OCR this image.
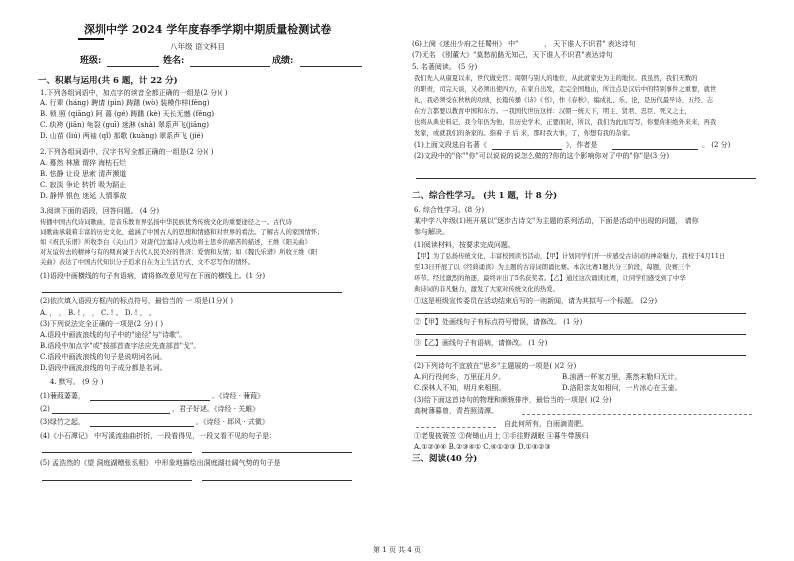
深圳中学 2024 学年度春季学期中期质量检测试卷
八年级 语文科目
班级:	姓名:	成绩:
一、积累与运用(共 6 题，计 22 分)
1.下列各组词语中，加点字的读音全都正确的一组是(2 分)( )
A. 行辈 (háng) 聘请 (pìn) 踌躇 (wò) 装模作样(fěng)
B. 锁 照 (qiāng) 阿 蔼 (gé) 踌躇 (kè) 天长无憾 (fěng)
C. 纨袴 (jiān) 龟裂 (guī) 迷淋 (shà) 翠系声飞(jiāng)
D. 山苗 (liú) 两袖 (qǐ) 那歌 (kuàng) 翠系声飞 (jié)
2.下列各组词语中，汉字书写全都正确的一组是(2 分)( )
A. 蓦然 林黛 谓猝 海枯石烂
B. 怯静 让设 思索 清声濒道
C. 寂淡 争论 转折 吸为蹈止
D. 静悍 银色 迷延 人情事故
3.阅读下面的语段，回答问题。 (4 分)
传播中国古代诗词歌曲，是音乐教育界弘扬中华民族优秀传统文化的重要途径之一。古代诗
词歌曲承载着丰富的历史文化，蕴涵了中国古人的思想和情感和对世界的看法。了解古人的家国情怀；
如《祝氏乐谱》所收李白《关山月》对唐代边塞诗人戍边将士思乡的痛苦的描述，王维《阳关曲》
对友谊传去的精神与有的期真诚于古代人民美好的普济：爱情和友情；如《魏氏乐谱》所收王维《阳
关曲》表达了中国古代知识分子追求自在为主生活方式、文不忍写作的情怀。
(1)语段中画横线的句子有语病，请将修改意见写在下面的横线上。(1 分)
(2)依次填入语段方框内的标点符号，最恰当的 一 项是(1分)( )
A. ， ， B. ! ， ， C. ! 。 D. ! ， 。
(3)下列说法完全正确的一项是(2 分) ( )
A.语段中画波浪线的句子中的"途径"与"诗歌"。
B.语段中加点字"或"按部首查字法应先查部首"戈"。
C.语段中画波浪线的句子是说明词名词。
D.语段中画波浪线的句子成分都是名词。
4. 默写。 (9 分 )
(1)蒹葭萋萋，	。《诗经 · 蒹葭》
(2)	，君子好逑。《诗经 · 关雎》
(3)绿竹之起，	。《诗经 · 邶风 · 式微》
(4)《小石潭记》 中写溪流曲曲折折，一段看得见，一段又看不见的句子是：
(5) 孟浩然的《望 洞庭湖赠张丞相》 中形象地描绘出洞庭湖壮阔气势的句子是
(6)上阕《迷出少府之任蜀州》 中"	， 天下谁人不识君" 表达诗句
(7)无名 《别董大》"莫愁前路无知己，天下谁人不识君"表达诗句
5. 名著阅读。 (5 分)
我们先人从康夏以来，世代做史官；周朝与别人的地位，从此就家史为主的地位。我虽然，我们无数的
的职责，司完天谈，又必须出使四方，在家自出发，走完全国地山，所注点是汉后中的特别事件之重要，就世
礼，我必须受在秋秋的功绩，长篇传播《诗》《书》，作《春秋》，编成礼、乐、论，是历代最早诗、五经、志
在方言都要以教育中国和东方。一我国代世历这样：汉朝一统天下，明主、贤君、忠臣、死义之士，
也将从典史料记，我今年仍为他，且历史学术，正要面对，所以，我们为此而写写，你要你拒绝外来来，再我
发家，或就我们的条家的。指着 子 后 来，那时我大事，了，你想有我的杂家。
(1)上面文段选自名著《	》，作者是	。 (2 分)
(2)文段中的"你""你"可以说说的说怎么做的?你的这个影响你对了中的"你"是(3 分)
二、综合性学习。 (共 1 题，计 8 分)
6. 综合性学习。(8 分)
某中学八年级(1)班开展以"逐步古诗文"为主题的系列活动，下面是活动中出现的问题， 请你
参与解决。
(1)阅读材料，按要求完成问题。
【甲】为了弘扬传统文化，丰富校园读书活动，【甲】计划同学们开一步感受古诗词的神奇魅力，我校于4月11日
至13日开展了以《经典诵读》为主题的古诗词朗诵比赛。本次比赛1题共分三阶段，每题，决赛三个
环节。经过激烈的角逐，最终评出了5名获奖者。【乙】通过这次诵读比赛，让同学们感受到了中华
典诗词的非凡魅力，激发了大家对传统文化的热爱。
①这是班级宣传委员在活动结束后写的一则新闻，请为其拟写一个标题。 (2分)
②【甲】处画线句子有标点符号错误，请修改。 (1 分)
③【乙】画线句子有语病，请修改。 (1 分)
(2)下列诗句不宜放在"思乡"主题展的一项是( )(2 分)
A.问行役何乡，万里征月夕。	B.浊酒一杯家万里，燕然未勒归无计。
C.深林人不知，明月来相照。	D.洛阳亲友如相问，一片冰心在玉壶。
(3)给下面这首诗句的物理和颜轭排序，最恰当的一项是( )(2 分)
高树薄暮曾，青苔照清潭。
自此何所有，白雨滴青肥。
①老叟披蓑笠 ②荷锄山月上 ③手往野湖眠 ④暮牛带簇归
A.①②③④ B.②③④① C.④①②③ D.①④②③
三、阅读(40 分)
第 1 页 共 4 页
